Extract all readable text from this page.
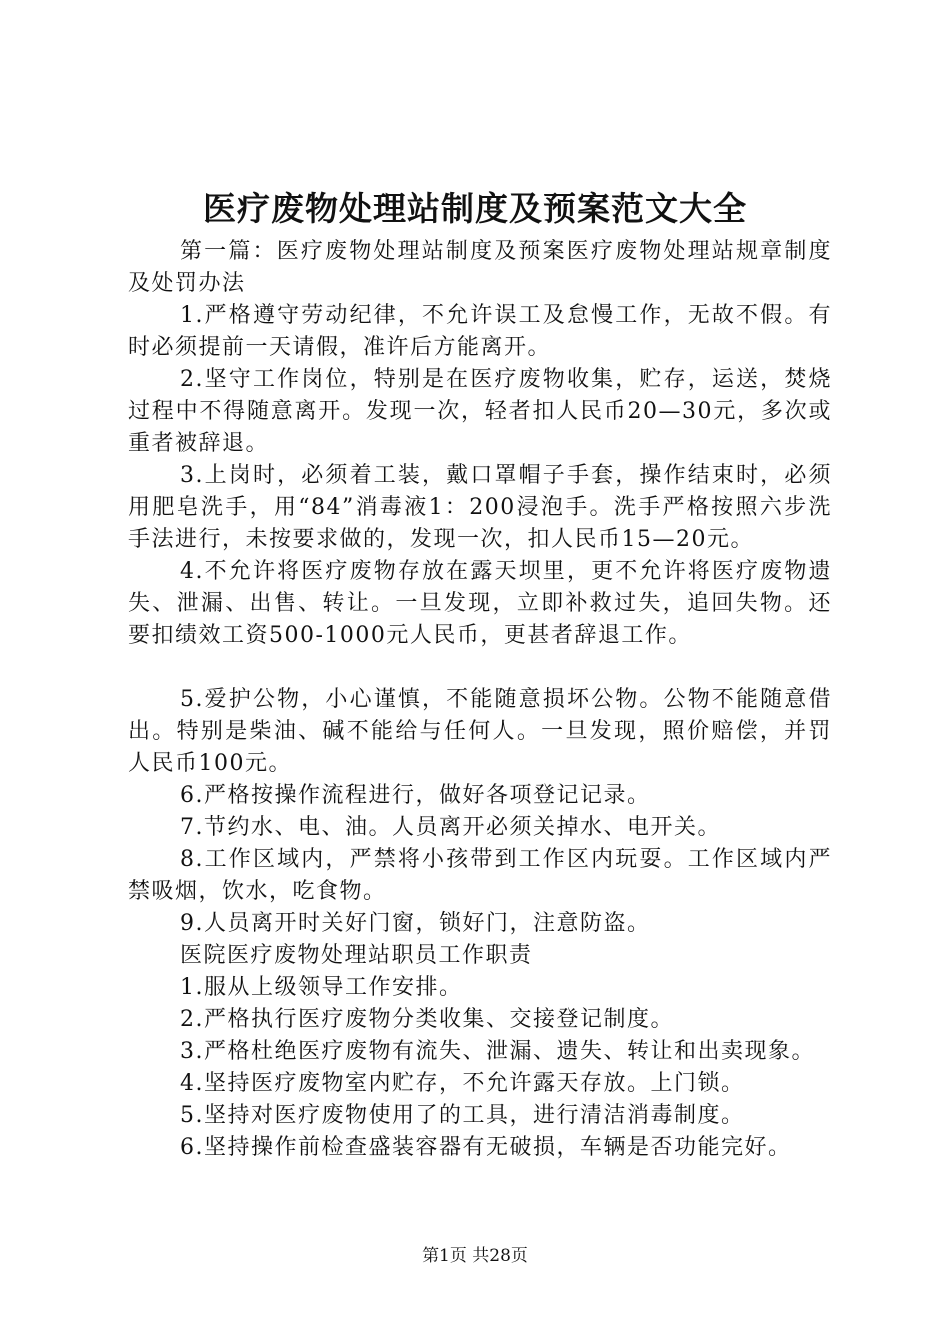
医疗废物处理站制度及预案范文大全

第一篇：医疗废物处理站制度及预案医疗废物处理站规章制度及处罚办法

1.严格遵守劳动纪律，不允许误工及怠慢工作，无故不假。有时必须提前一天请假，准许后方能离开。

2.坚守工作岗位，特别是在医疗废物收集，贮存，运送，焚烧过程中不得随意离开。发现一次，轻者扣人民币20—30元，多次或重者被辞退。

3.上岗时，必须着工装，戴口罩帽子手套，操作结束时，必须用肥皂洗手，用“84”消毒液1：200浸泡手。洗手严格按照六步洗手法进行，未按要求做的，发现一次，扣人民币15—20元。

4.不允许将医疗废物存放在露天坝里，更不允许将医疗废物遗失、泄漏、出售、转让。一旦发现，立即补救过失，追回失物。还要扣绩效工资500-1000元人民币，更甚者辞退工作。

5.爱护公物，小心谨慎，不能随意损坏公物。公物不能随意借出。特别是柴油、碱不能给与任何人。一旦发现，照价赔偿，并罚人民币100元。

6.严格按操作流程进行，做好各项登记记录。

7.节约水、电、油。人员离开必须关掉水、电开关。

8.工作区域内，严禁将小孩带到工作区内玩耍。工作区域内严禁吸烟，饮水，吃食物。

9.人员离开时关好门窗，锁好门，注意防盗。

医院医疗废物处理站职员工作职责

1.服从上级领导工作安排。

2.严格执行医疗废物分类收集、交接登记制度。

3.严格杜绝医疗废物有流失、泄漏、遗失、转让和出卖现象。

4.坚持医疗废物室内贮存，不允许露天存放。上门锁。

5.坚持对医疗废物使用了的工具，进行清洁消毒制度。

6.坚持操作前检查盛装容器有无破损，车辆是否功能完好。

第1页 共28页
